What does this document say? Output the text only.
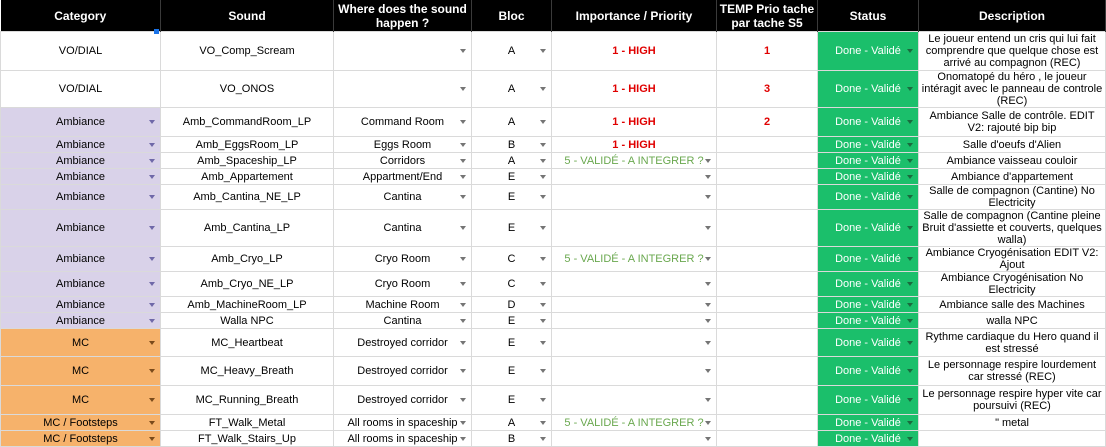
Category	Sound	Where does the sound happen ?	Bloc	Importance / Priority	TEMP Prio tache par tache S5	Status	Description
VO/DIAL	VO_Comp_Scream		A	1 - HIGH	1	Done - Validé	Le joueur entend un cris qui lui fait comprendre que quelque chose est arrivé au compagnon (REC)
VO/DIAL	VO_ONOS		A	1 - HIGH	3	Done - Validé	Onomatopé du héro , le joueur intéragit avec le panneau de controle (REC)
Ambiance	Amb_CommandRoom_LP	Command Room	A	1 - HIGH	2	Done - Validé	Ambiance Salle de contrôle. EDIT V2: rajouté bip bip
Ambiance	Amb_EggsRoom_LP	Eggs Room	B	1 - HIGH		Done - Validé	Salle d'oeufs d'Alien
Ambiance	Amb_Spaceship_LP	Corridors	A	5 - VALIDÉ - A INTEGRER ?		Done - Validé	Ambiance vaisseau couloir
Ambiance	Amb_Appartement	Appartment/End	E			Done - Validé	Ambiance d'appartement
Ambiance	Amb_Cantina_NE_LP	Cantina	E			Done - Validé	Salle de compagnon (Cantine) No Electricity
Ambiance	Amb_Cantina_LP	Cantina	E			Done - Validé	Salle de compagnon (Cantine pleine Bruit d'assiette et couverts, quelques walla)
Ambiance	Amb_Cryo_LP	Cryo Room	C	5 - VALIDÉ - A INTEGRER ?		Done - Validé	Ambiance Cryogénisation EDIT V2: Ajout
Ambiance	Amb_Cryo_NE_LP	Cryo Room	C			Done - Validé	Ambiance Cryogénisation No Electricity
Ambiance	Amb_MachineRoom_LP	Machine Room	D			Done - Validé	Ambiance salle des Machines
Ambiance	Walla NPC	Cantina	E			Done - Validé	walla NPC
MC	MC_Heartbeat	Destroyed corridor	E			Done - Validé	Rythme cardiaque du Hero quand il est stressé
MC	MC_Heavy_Breath	Destroyed corridor	E			Done - Validé	Le personnage respire lourdement car stressé (REC)
MC	MC_Running_Breath	Destroyed corridor	E			Done - Validé	Le personnage respire hyper vite car poursuivi (REC)
MC / Footsteps	FT_Walk_Metal	All rooms in spaceship	A	5 - VALIDÉ - A INTEGRER ?		Done - Validé	" metal
MC / Footsteps	FT_Walk_Stairs_Up	All rooms in spaceship	B			Done - Validé
